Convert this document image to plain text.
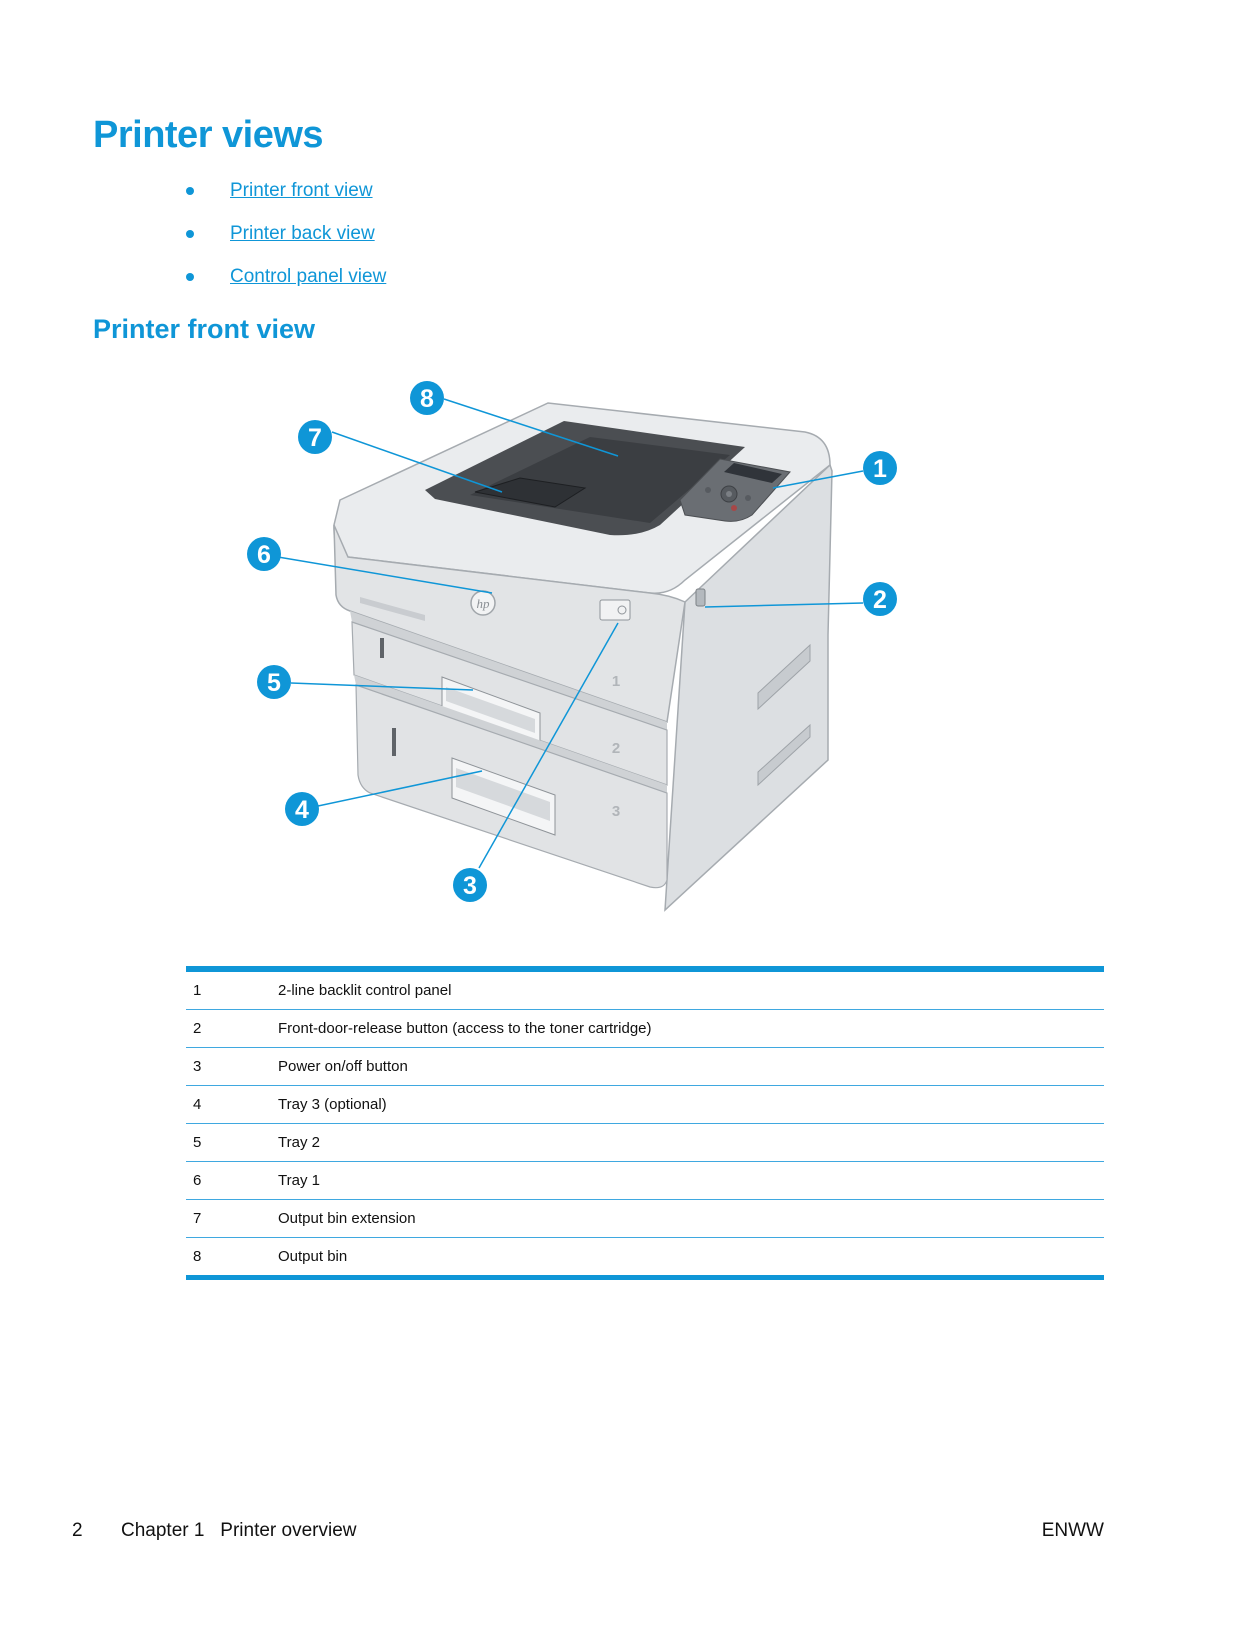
Printer views
Printer front view
Printer back view
Control panel view
Printer front view
hp
1
2
3
1
2
3
4
5
6
7
8
1	2-line backlit control panel
2	Front-door-release button (access to the toner cartridge)
3	Power on/off button
4	Tray 3 (optional)
5	Tray 2
6	Tray 1
7	Output bin extension
8	Output bin
2 Chapter 1   Printer overview	ENWW
